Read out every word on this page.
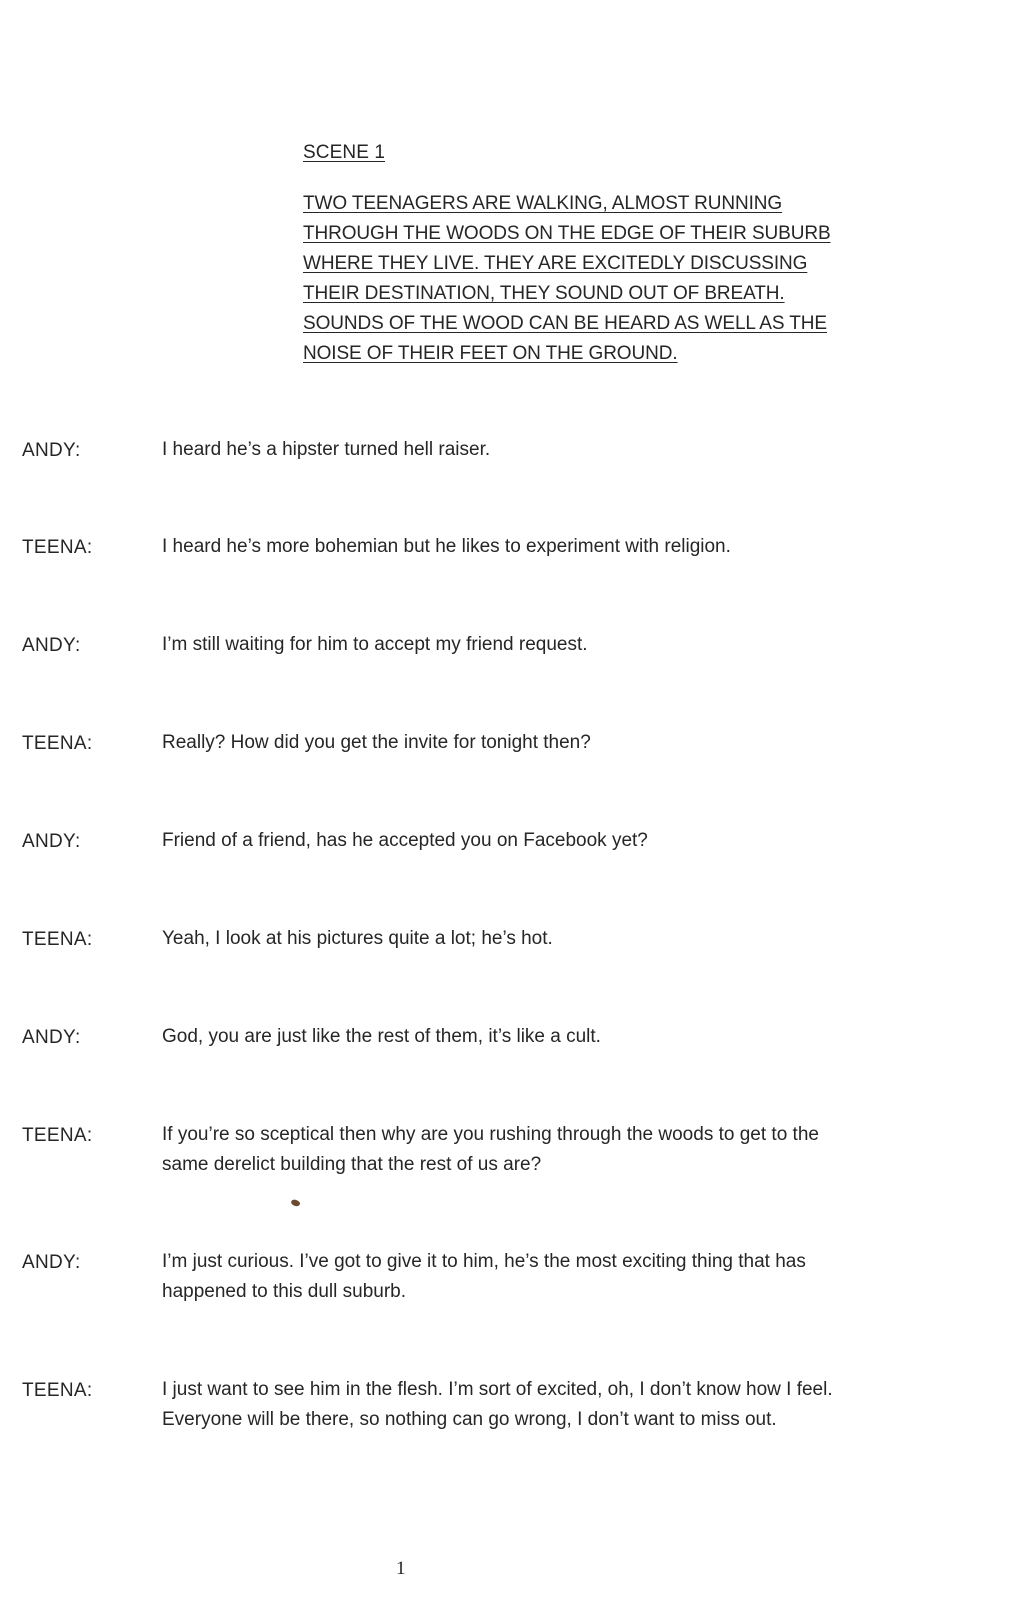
SCENE 1
TWO TEENAGERS ARE WALKING, ALMOST RUNNING THROUGH THE WOODS ON THE EDGE OF THEIR SUBURB WHERE THEY LIVE. THEY ARE EXCITEDLY DISCUSSING THEIR DESTINATION, THEY SOUND OUT OF BREATH. SOUNDS OF THE WOOD CAN BE HEARD AS WELL AS THE NOISE OF THEIR FEET ON THE GROUND.
ANDY:	I heard he’s a hipster turned hell raiser.
TEENA:	I heard he’s more bohemian but he likes to experiment with religion.
ANDY:	I’m still waiting for him to accept my friend request.
TEENA:	Really? How did you get the invite for tonight then?
ANDY:	Friend of a friend, has he accepted you on Facebook yet?
TEENA:	Yeah, I look at his pictures quite a lot; he’s hot.
ANDY:	God, you are just like the rest of them, it’s like a cult.
TEENA:	If you’re so sceptical then why are you rushing through the woods to get to the same derelict building that the rest of us are?
ANDY:	I’m just curious. I’ve got to give it to him, he’s the most exciting thing that has happened to this dull suburb.
TEENA:	I just want to see him in the flesh. I’m sort of excited, oh, I don’t know how I feel. Everyone will be there, so nothing can go wrong, I don’t want to miss out.
1
